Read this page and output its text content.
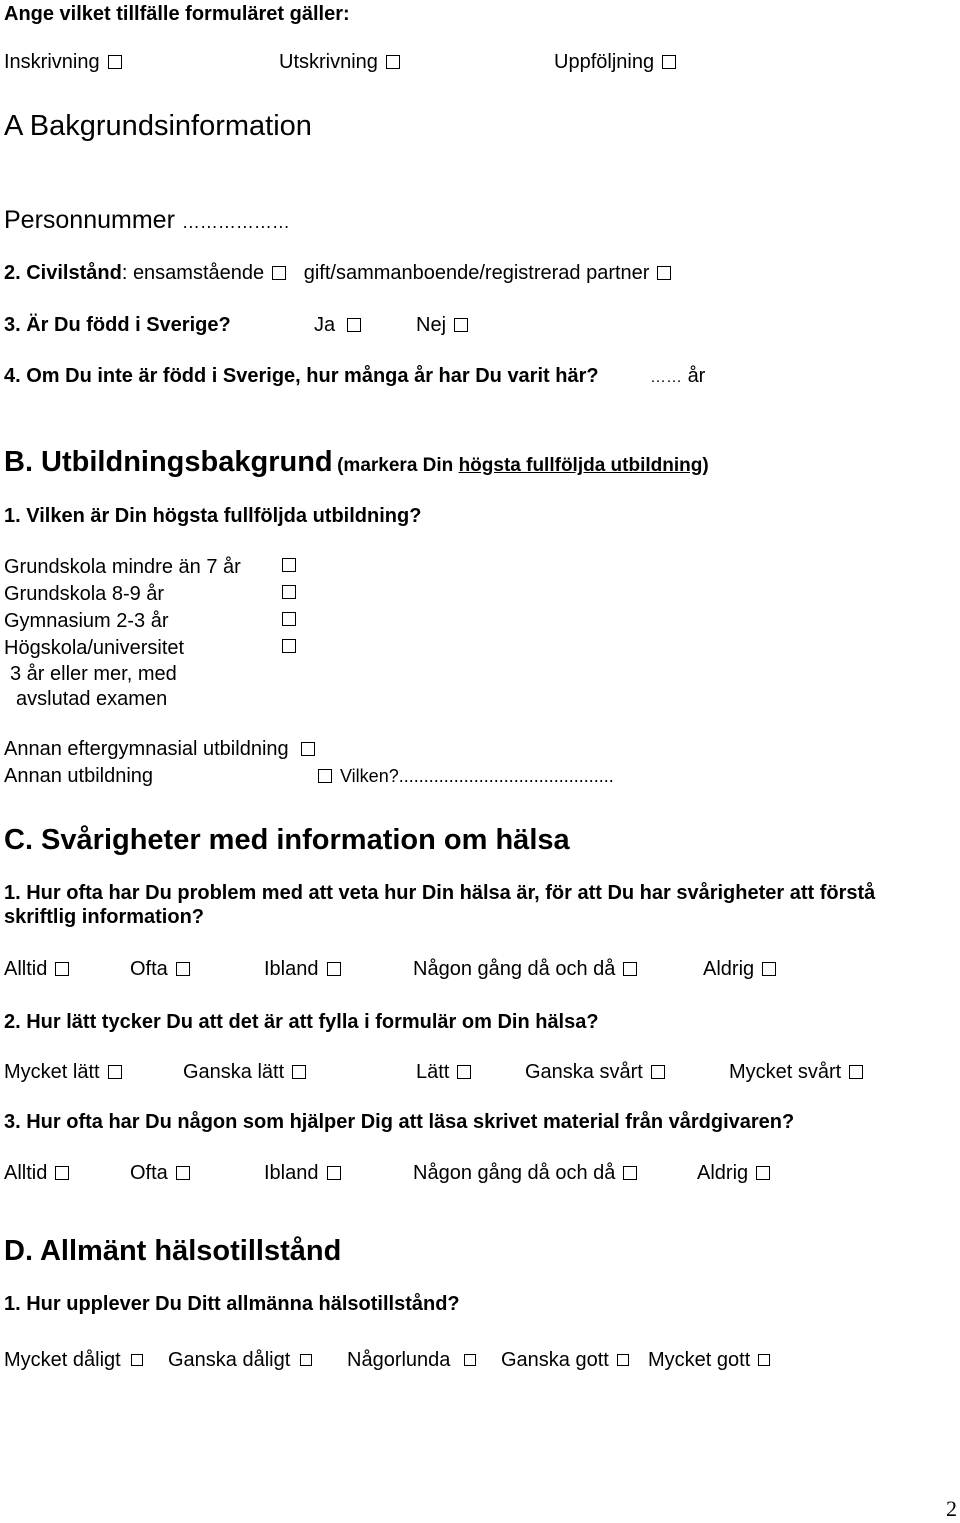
Ange vilket tillfälle formuläret gäller:
Inskrivning	Utskrivning	Uppföljning
A Bakgrundsinformation
Personnummer ………………
2. Civilstånd: ensamstående gift/sammanboende/registrerad partner
3. Är Du född i Sverige?	Ja	Nej
4. Om Du inte är född i Sverige, hur många år har Du varit här?	…… år
B. Utbildningsbakgrund (markera Din högsta fullföljda utbildning)
1. Vilken är Din högsta fullföljda utbildning?
Grundskola mindre än 7 år
Grundskola 8-9 år
Gymnasium 2-3 år
Högskola/universitet
3 år eller mer, med
avslutad examen
Annan eftergymnasial utbildning
Annan utbildning	Vilken?...........................................
C. Svårigheter med information om hälsa
1. Hur ofta har Du problem med att veta hur Din hälsa är, för att Du har svårigheter att förstå
skriftlig information?
Alltid	Ofta	Ibland	Någon gång då och då	Aldrig
2. Hur lätt tycker Du att det är att fylla i formulär om Din hälsa?
Mycket lätt	Ganska lätt	Lätt	Ganska svårt	Mycket svårt
3. Hur ofta har Du någon som hjälper Dig att läsa skrivet material från vårdgivaren?
Alltid	Ofta	Ibland	Någon gång då och då	Aldrig
D. Allmänt hälsotillstånd
1. Hur upplever Du Ditt allmänna hälsotillstånd?
Mycket dåligt	Ganska dåligt	Någorlunda	Ganska gott	Mycket gott
2
